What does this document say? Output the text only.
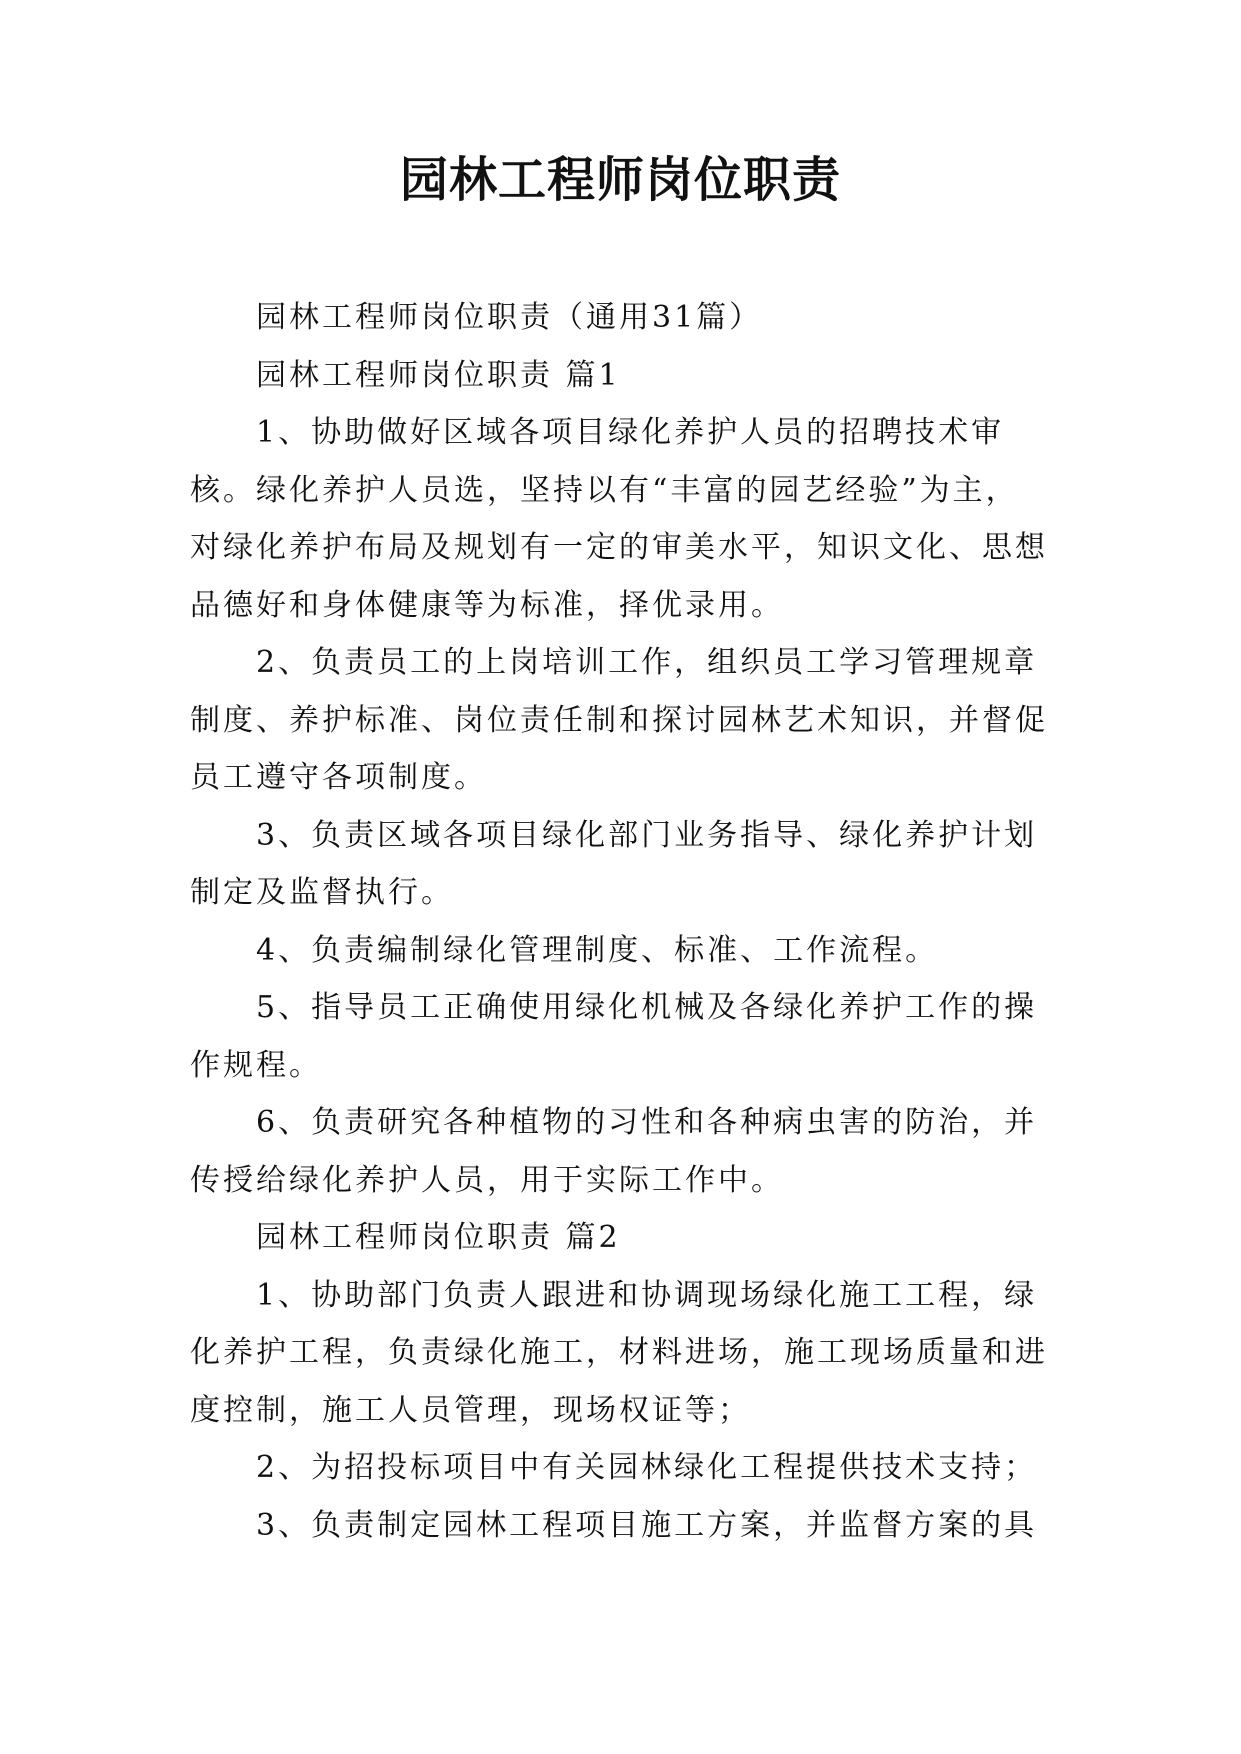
园林工程师岗位职责

园林工程师岗位职责（通用31篇）

园林工程师岗位职责 篇1

1、协助做好区域各项目绿化养护人员的招聘技术审核。绿化养护人员选，坚持以有“丰富的园艺经验”为主，对绿化养护布局及规划有一定的审美水平，知识文化、思想品德好和身体健康等为标准，择优录用。

2、负责员工的上岗培训工作，组织员工学习管理规章制度、养护标准、岗位责任制和探讨园林艺术知识，并督促员工遵守各项制度。

3、负责区域各项目绿化部门业务指导、绿化养护计划制定及监督执行。

4、负责编制绿化管理制度、标准、工作流程。

5、指导员工正确使用绿化机械及各绿化养护工作的操作规程。

6、负责研究各种植物的习性和各种病虫害的防治，并传授给绿化养护人员，用于实际工作中。

园林工程师岗位职责 篇2

1、协助部门负责人跟进和协调现场绿化施工工程，绿化养护工程，负责绿化施工，材料进场，施工现场质量和进度控制，施工人员管理，现场权证等；

2、为招投标项目中有关园林绿化工程提供技术支持；

3、负责制定园林工程项目施工方案，并监督方案的具
